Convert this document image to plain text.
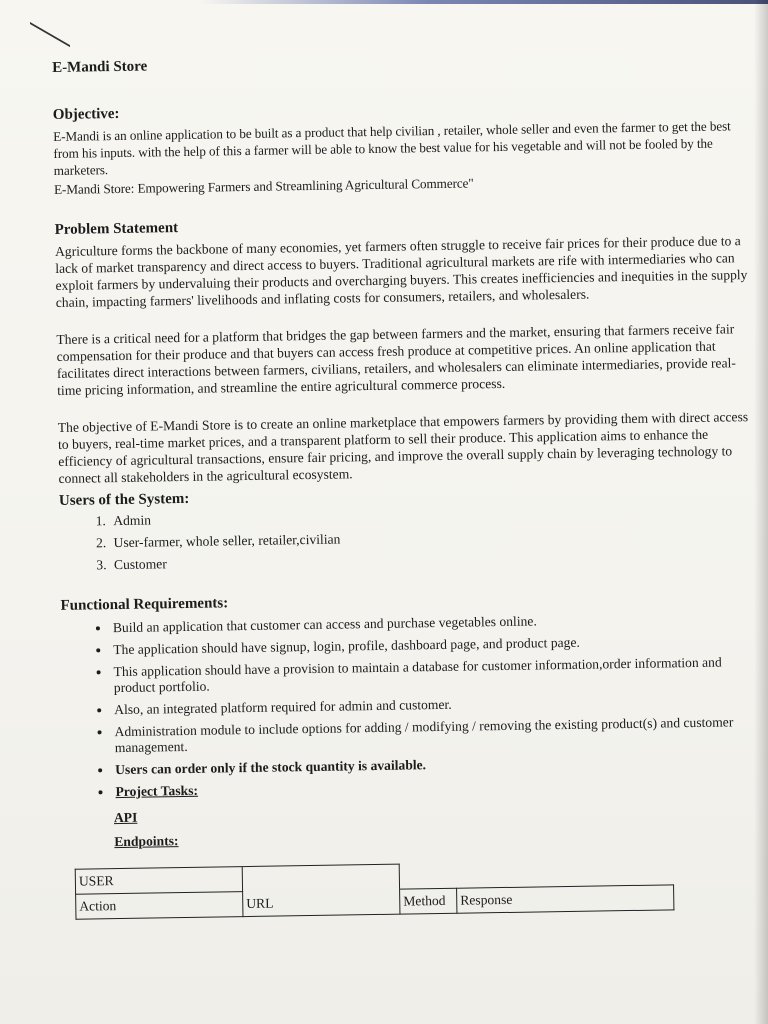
E-Mandi Store
Objective:

E-Mandi is an online application to be built as a product that help civilian , retailer, whole seller and even the farmer to get the best from his inputs. with the help of this a farmer will be able to know the best value for his vegetable and will not be fooled by the marketers.

E-Mandi Store: Empowering Farmers and Streamlining Agricultural Commerce"

Problem Statement

Agriculture forms the backbone of many economies, yet farmers often struggle to receive fair prices for their produce due to a lack of market transparency and direct access to buyers. Traditional agricultural markets are rife with intermediaries who can exploit farmers by undervaluing their products and overcharging buyers. This creates inefficiencies and inequities in the supply chain, impacting farmers' livelihoods and inflating costs for consumers, retailers, and wholesalers.

There is a critical need for a platform that bridges the gap between farmers and the market, ensuring that farmers receive fair compensation for their produce and that buyers can access fresh produce at competitive prices. An online application that facilitates direct interactions between farmers, civilians, retailers, and wholesalers can eliminate intermediaries, provide real-time pricing information, and streamline the entire agricultural commerce process.

The objective of E-Mandi Store is to create an online marketplace that empowers farmers by providing them with direct access to buyers, real-time market prices, and a transparent platform to sell their produce. This application aims to enhance the efficiency of agricultural transactions, ensure fair pricing, and improve the overall supply chain by leveraging technology to connect all stakeholders in the agricultural ecosystem.

Users of the System:
1. Admin
2. User-farmer, whole seller, retailer,civilian
3. Customer
Functional Requirements:
• Build an application that customer can access and purchase vegetables online.
• The application should have signup, login, profile, dashboard page, and product page.
• This application should have a provision to maintain a database for customer information,order information and product portfolio.
• Also, an integrated platform required for admin and customer.
• Administration module to include options for adding / modifying / removing the existing product(s) and customer management.
• Users can order only if the stock quantity is available.
• Project Tasks:
API
Endpoints:
USER			
Action	URL	Method	Response
